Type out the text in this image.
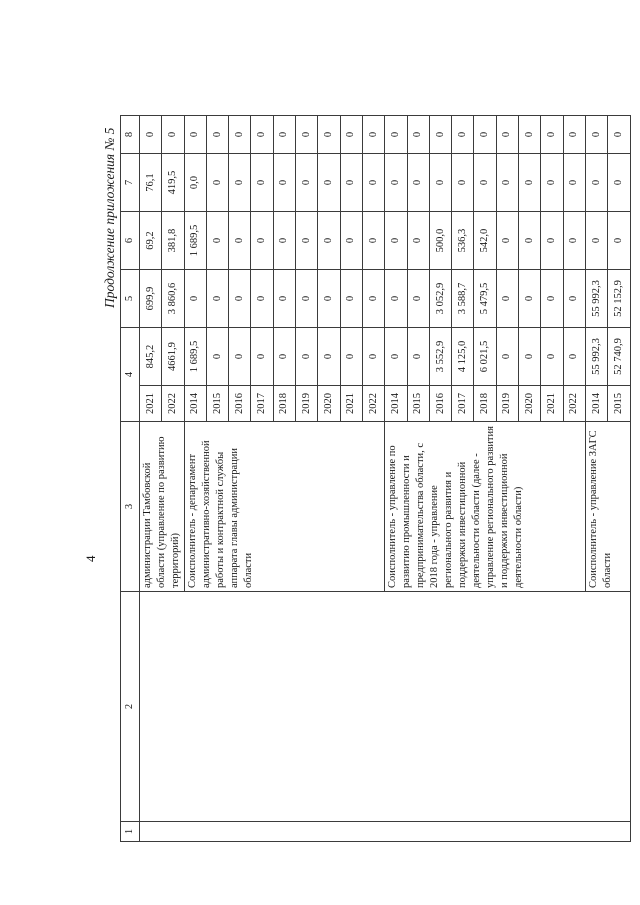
4
Продолжение приложения № 5
1	2	3	4		5	6	7	8
		администрации Тамбовской области (управление по развитию территорий)	2021	845,2	699,9	69,2	76,1	0
			2022	4661,9	3 860,6	381,8	419,5	0
		Соисполнитель - департамент административно-хозяйственной работы и контрактной службы аппарата главы администрации области	2014	1 689,5	0	1 689,5	0,0	0
			2015	0	0	0	0	0
			2016	0	0	0	0	0
			2017	0	0	0	0	0
			2018	0	0	0	0	0
			2019	0	0	0	0	0
			2020	0	0	0	0	0
			2021	0	0	0	0	0
			2022	0	0	0	0	0
		Соисполнитель - управление по развитию промышленности и предпринимательства области, с 2018 года - управление регионального развития и поддержки инвестиционной деятельности области (далее - управление регионального развития и поддержки инвестиционной деятельности области)	2014	0	0	0	0	0
			2015	0	0	0	0	0
			2016	3 552,9	3 052,9	500,0	0	0
			2017	4 125,0	3 588,7	536,3	0	0
			2018	6 021,5	5 479,5	542,0	0	0
			2019	0	0	0	0	0
			2020	0	0	0	0	0
			2021	0	0	0	0	0
			2022	0	0	0	0	0
		Соисполнитель - управление ЗАГС области	2014	55 992,3	55 992,3	0	0	0
			2015	52 740,9	52 152,9	0	0	0
